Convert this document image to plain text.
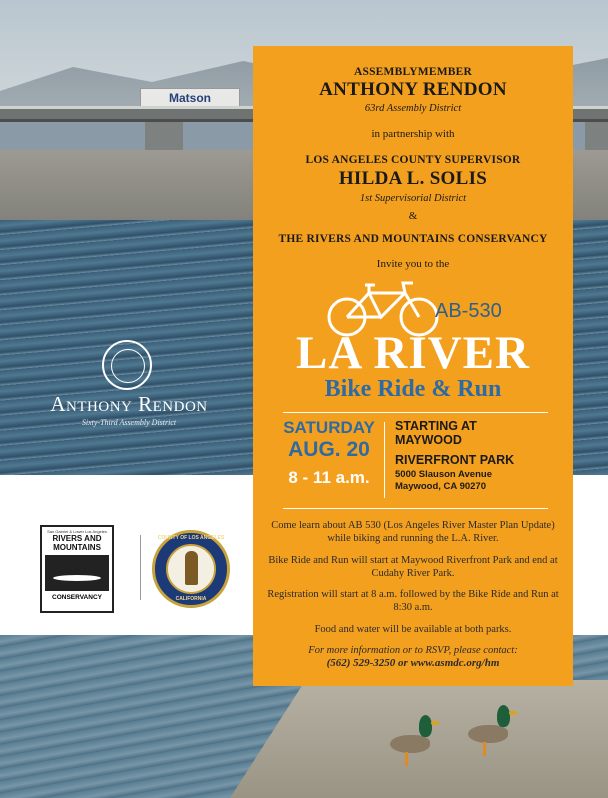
Matson
Anthony Rendon
Sixty-Third Assembly District
San Gabriel & Lower Los Angeles
RIVERS AND
MOUNTAINS
CONSERVANCY
COUNTY OF LOS ANGELES
CALIFORNIA
ASSEMBLYMEMBER
ANTHONY RENDON
63rd Assembly District
in partnership with
LOS ANGELES COUNTY SUPERVISOR
HILDA L. SOLIS
1st Supervisorial District
&
THE RIVERS AND MOUNTAINS CONSERVANCY
Invite you to the
AB-530
LA RIVER
Bike Ride & Run
SATURDAY
AUG. 20
8 - 11 a.m.
STARTING AT
MAYWOOD
RIVERFRONT PARK
5000 Slauson Avenue
Maywood, CA 90270
Come learn about AB 530 (Los Angeles River Master Plan Update) while biking and running the L.A. River.
Bike Ride and Run will start at Maywood Riverfront Park and end at Cudahy River Park.
Registration will start at 8 a.m. followed by the Bike Ride and Run at 8:30 a.m.
Food and water will be available at both parks.
For more information or to RSVP, please contact:
(562) 529-3250 or www.asmdc.org/hm
